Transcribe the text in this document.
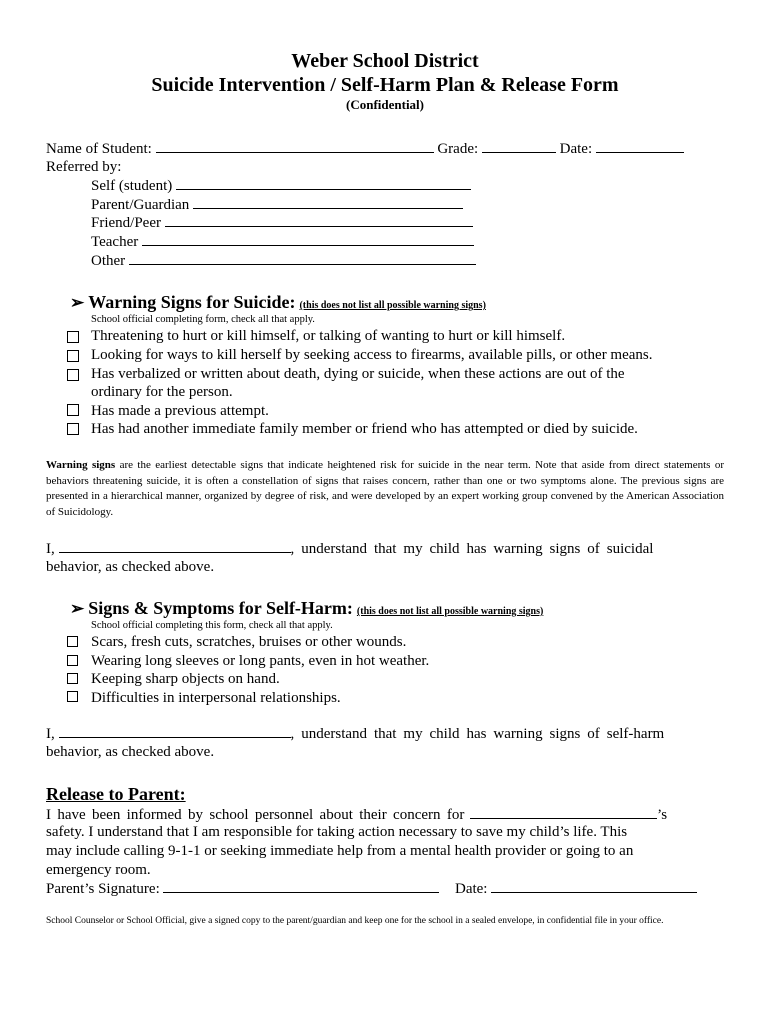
Weber School District
Suicide Intervention / Self-Harm Plan & Release Form
(Confidential)
Name of Student:	Grade:	Date:
Referred by:
Self (student)
Parent/Guardian
Friend/Peer
Teacher
Other
➢ Warning Signs for Suicide: (this does not list all possible warning signs)
School official completing form, check all that apply.
Threatening to hurt or kill himself, or talking of wanting to hurt or kill himself.
Looking for ways to kill herself by seeking access to firearms, available pills, or other means.
Has verbalized or written about death, dying or suicide, when these actions are out of the
ordinary for the person.
Has made a previous attempt.
Has had another immediate family member or friend who has attempted or died by suicide.
Warning signs are the earliest detectable signs that indicate heightened risk for suicide in the near term. Note that aside from direct statements or behaviors threatening suicide, it is often a constellation of signs that raises concern, rather than one or two symptoms alone. The previous signs are presented in a hierarchical manner, organized by degree of risk, and were developed by an expert working group convened by the American Association of Suicidology.
I,	, understand that my child has warning signs of suicidal
behavior, as checked above.
➢ Signs & Symptoms for Self-Harm: (this does not list all possible warning signs)
School official completing this form, check all that apply.
Scars, fresh cuts, scratches, bruises or other wounds.
Wearing long sleeves or long pants, even in hot weather.
Keeping sharp objects on hand.
Difficulties in interpersonal relationships.
I,	, understand that my child has warning signs of self-harm
behavior, as checked above.
Release to Parent:
I have been informed by school personnel about their concern for	’s
safety. I understand that I am responsible for taking action necessary to save my child’s life. This
may include calling 9-1-1 or seeking immediate help from a mental health provider or going to an
emergency room.
Parent’s Signature:	Date:
School Counselor or School Official, give a signed copy to the parent/guardian and keep one for the school in a sealed envelope, in confidential file in your office.
